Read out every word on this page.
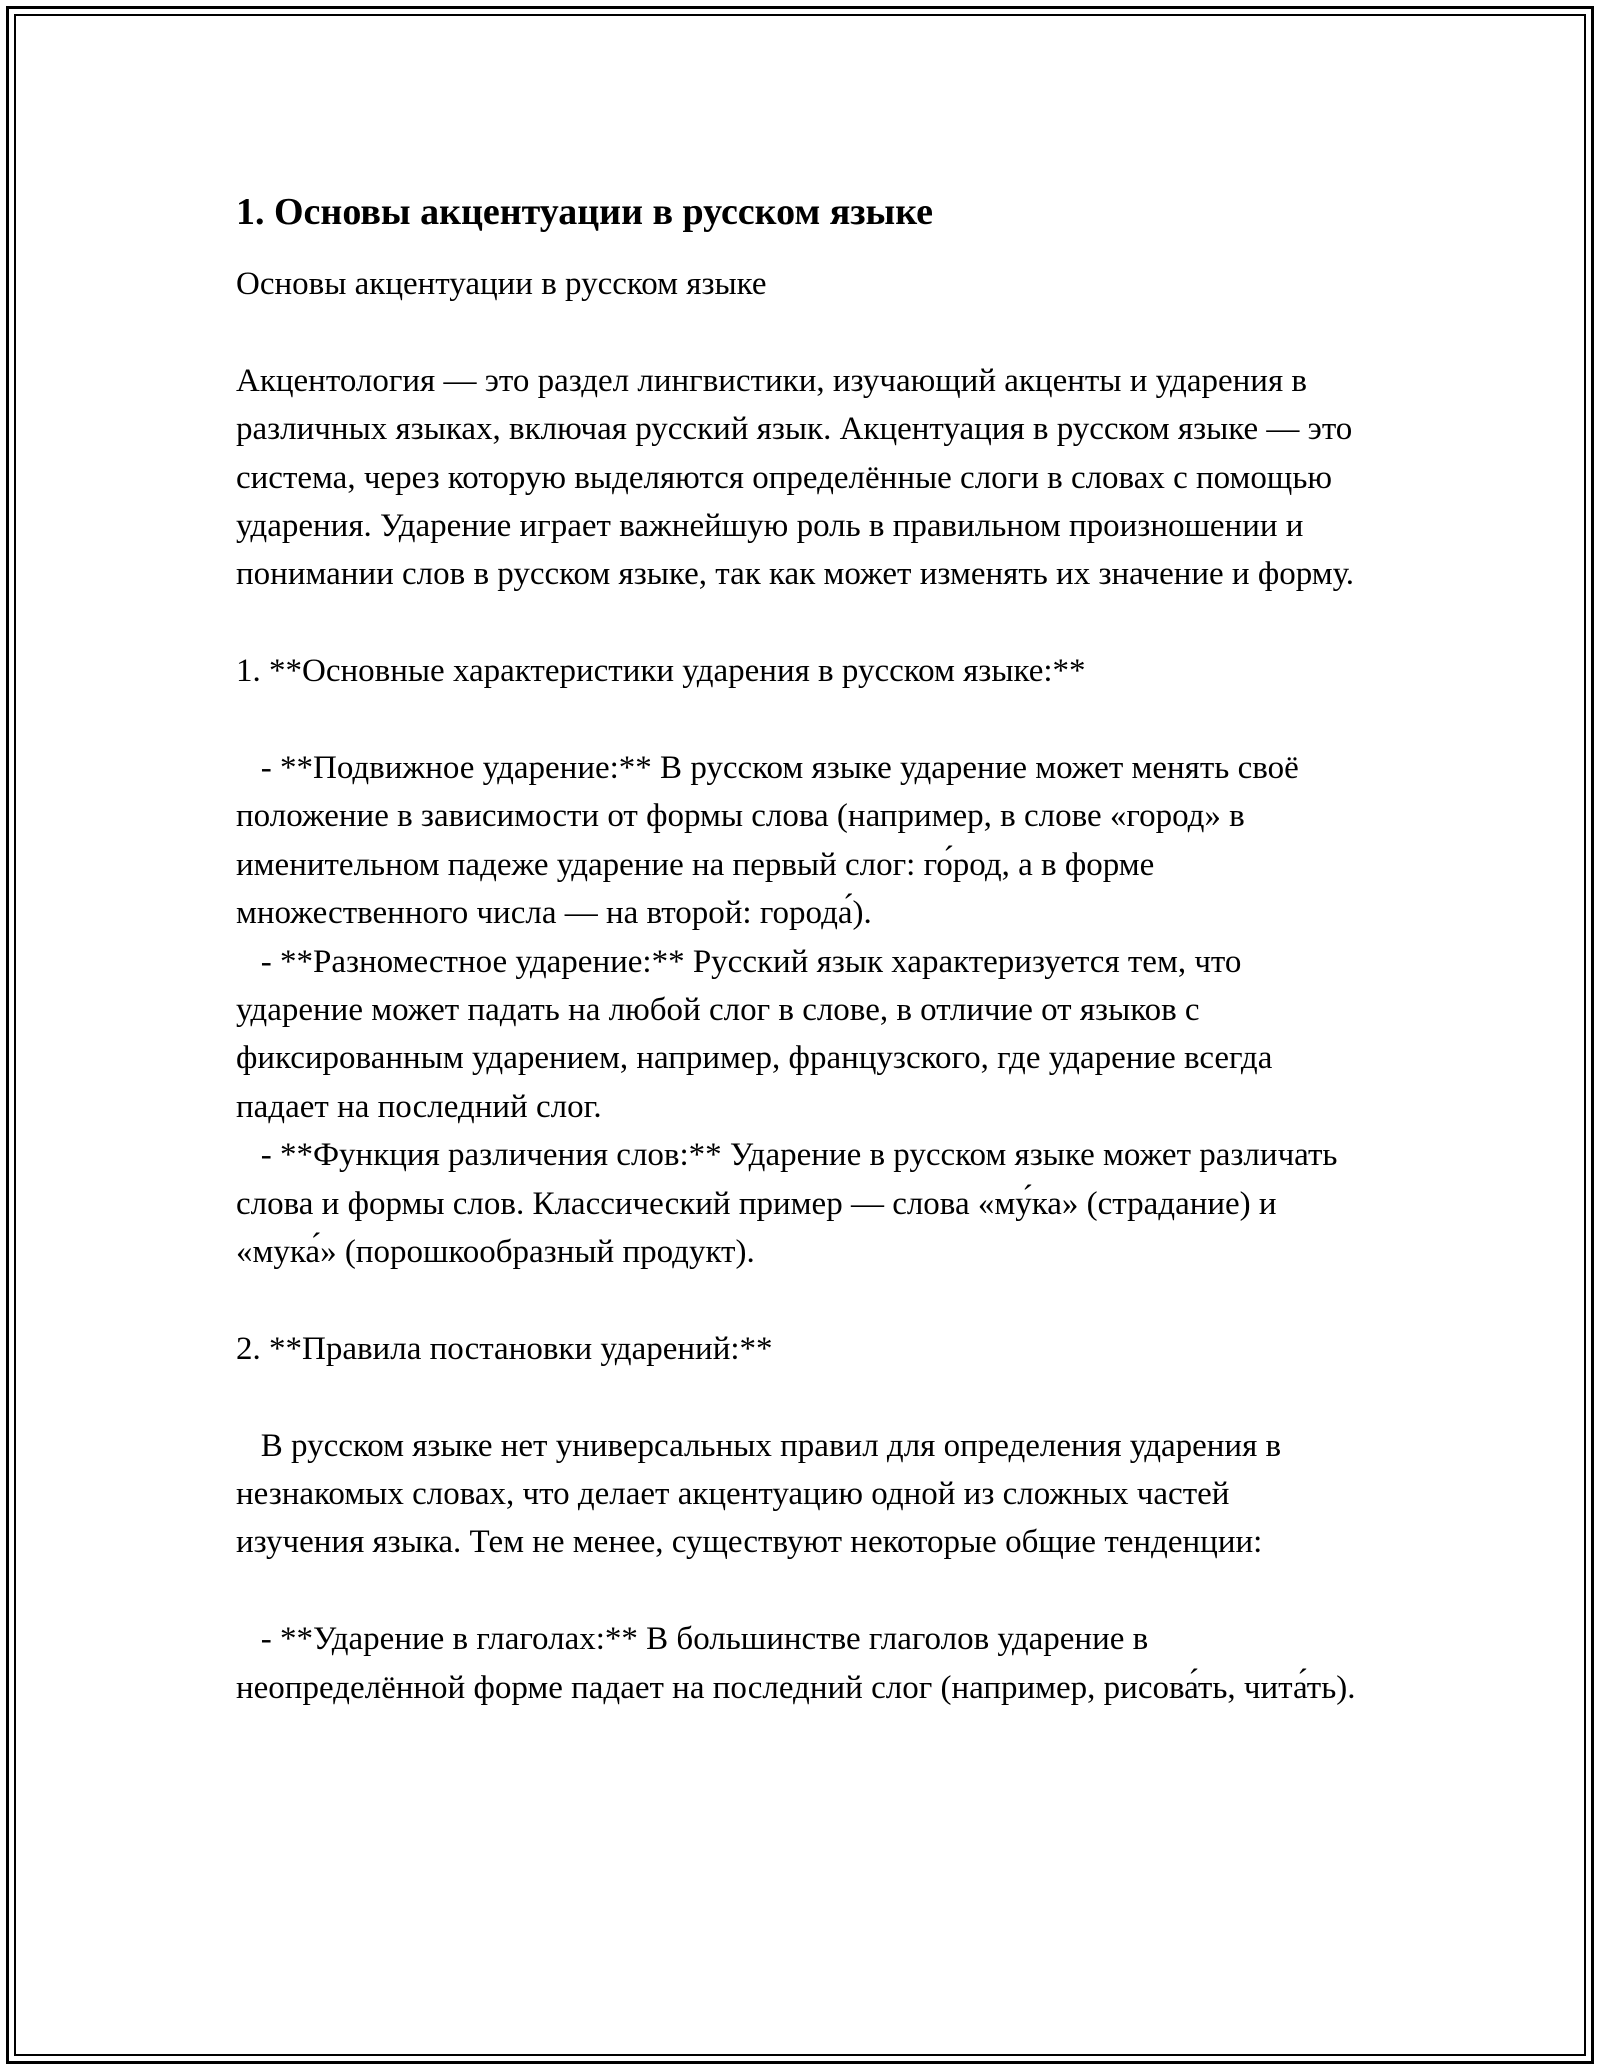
1. Основы акцентуации в русском языке

Основы акцентуации в русском языке

Акцентология — это раздел лингвистики, изучающий акценты и ударения в различных языках, включая русский язык. Акцентуация в русском языке — это система, через которую выделяются определённые слоги в словах с помощью ударения. Ударение играет важнейшую роль в правильном произношении и понимании слов в русском языке, так как может изменять их значение и форму.

1. **Основные характеристики ударения в русском языке:**

- **Подвижное ударение:** В русском языке ударение может менять своё положение в зависимости от формы слова (например, в слове «город» в именительном падеже ударение на первый слог: го́род, а в форме множественного числа — на второй: города́).

- **Разноместное ударение:** Русский язык характеризуется тем, что ударение может падать на любой слог в слове, в отличие от языков с фиксированным ударением, например, французского, где ударение всегда падает на последний слог.

- **Функция различения слов:** Ударение в русском языке может различать слова и формы слов. Классический пример — слова «му́ка» (страдание) и «мука́» (порошкообразный продукт).

2. **Правила постановки ударений:**

В русском языке нет универсальных правил для определения ударения в незнакомых словах, что делает акцентуацию одной из сложных частей изучения языка. Тем не менее, существуют некоторые общие тенденции:

- **Ударение в глаголах:** В большинстве глаголов ударение в неопределённой форме падает на последний слог (например, рисова́ть, чита́ть).
